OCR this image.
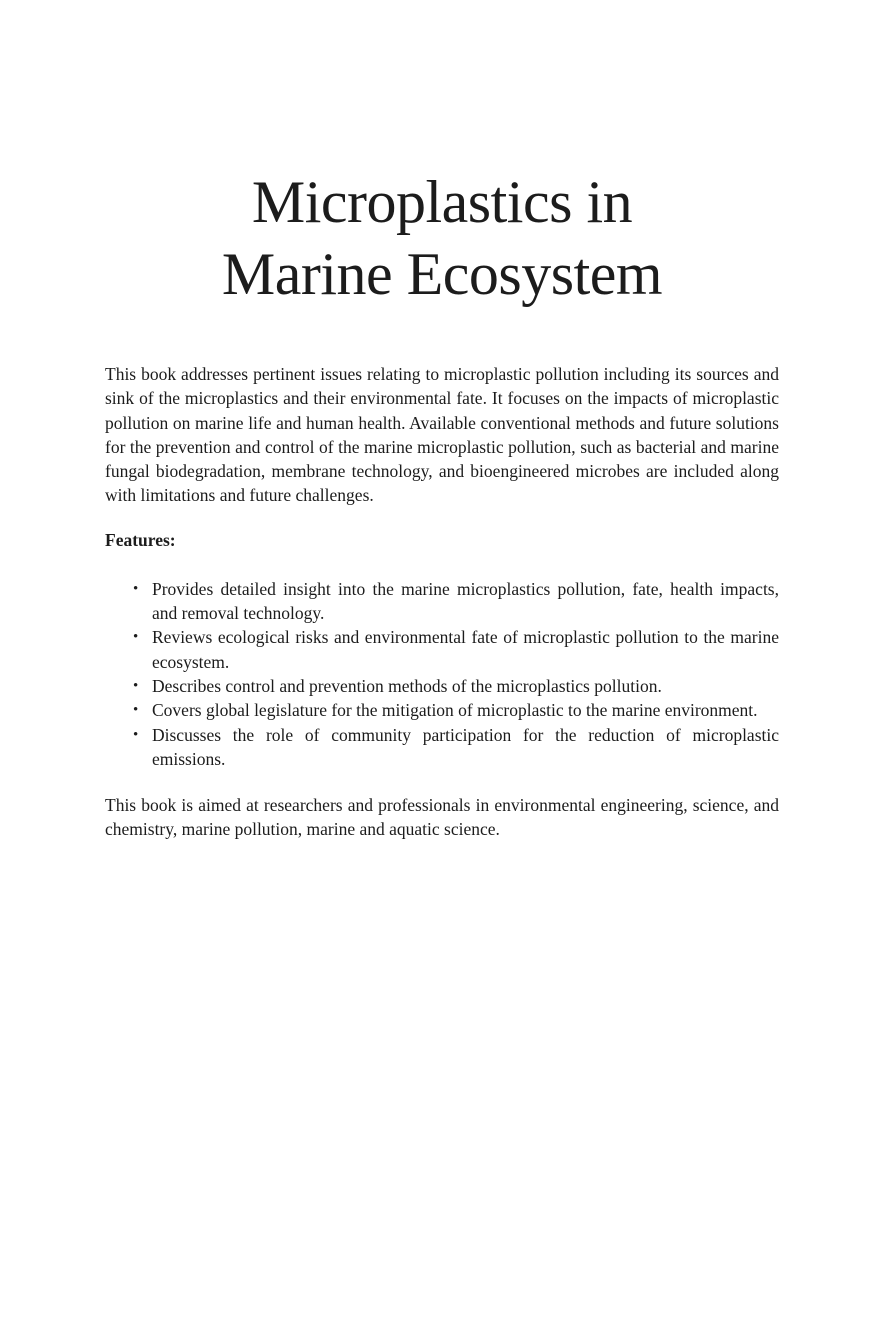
Microplastics in
Marine Ecosystem

This book addresses pertinent issues relating to microplastic pollution including its sources and sink of the microplastics and their environmental fate. It focuses on the impacts of microplastic pollution on marine life and human health. Available conventional methods and future solutions for the prevention and control of the marine microplastic pollution, such as bacterial and marine fungal biodegradation, membrane technology, and bioengineered microbes are included along with limitations and future challenges.

Features:

• Provides detailed insight into the marine microplastics pollution, fate, health impacts, and removal technology.
• Reviews ecological risks and environmental fate of microplastic pollution to the marine ecosystem.
• Describes control and prevention methods of the microplastics pollution.
• Covers global legislature for the mitigation of microplastic to the marine environment.
• Discusses the role of community participation for the reduction of microplastic emissions.

This book is aimed at researchers and professionals in environmental engineering, science, and chemistry, marine pollution, marine and aquatic science.
